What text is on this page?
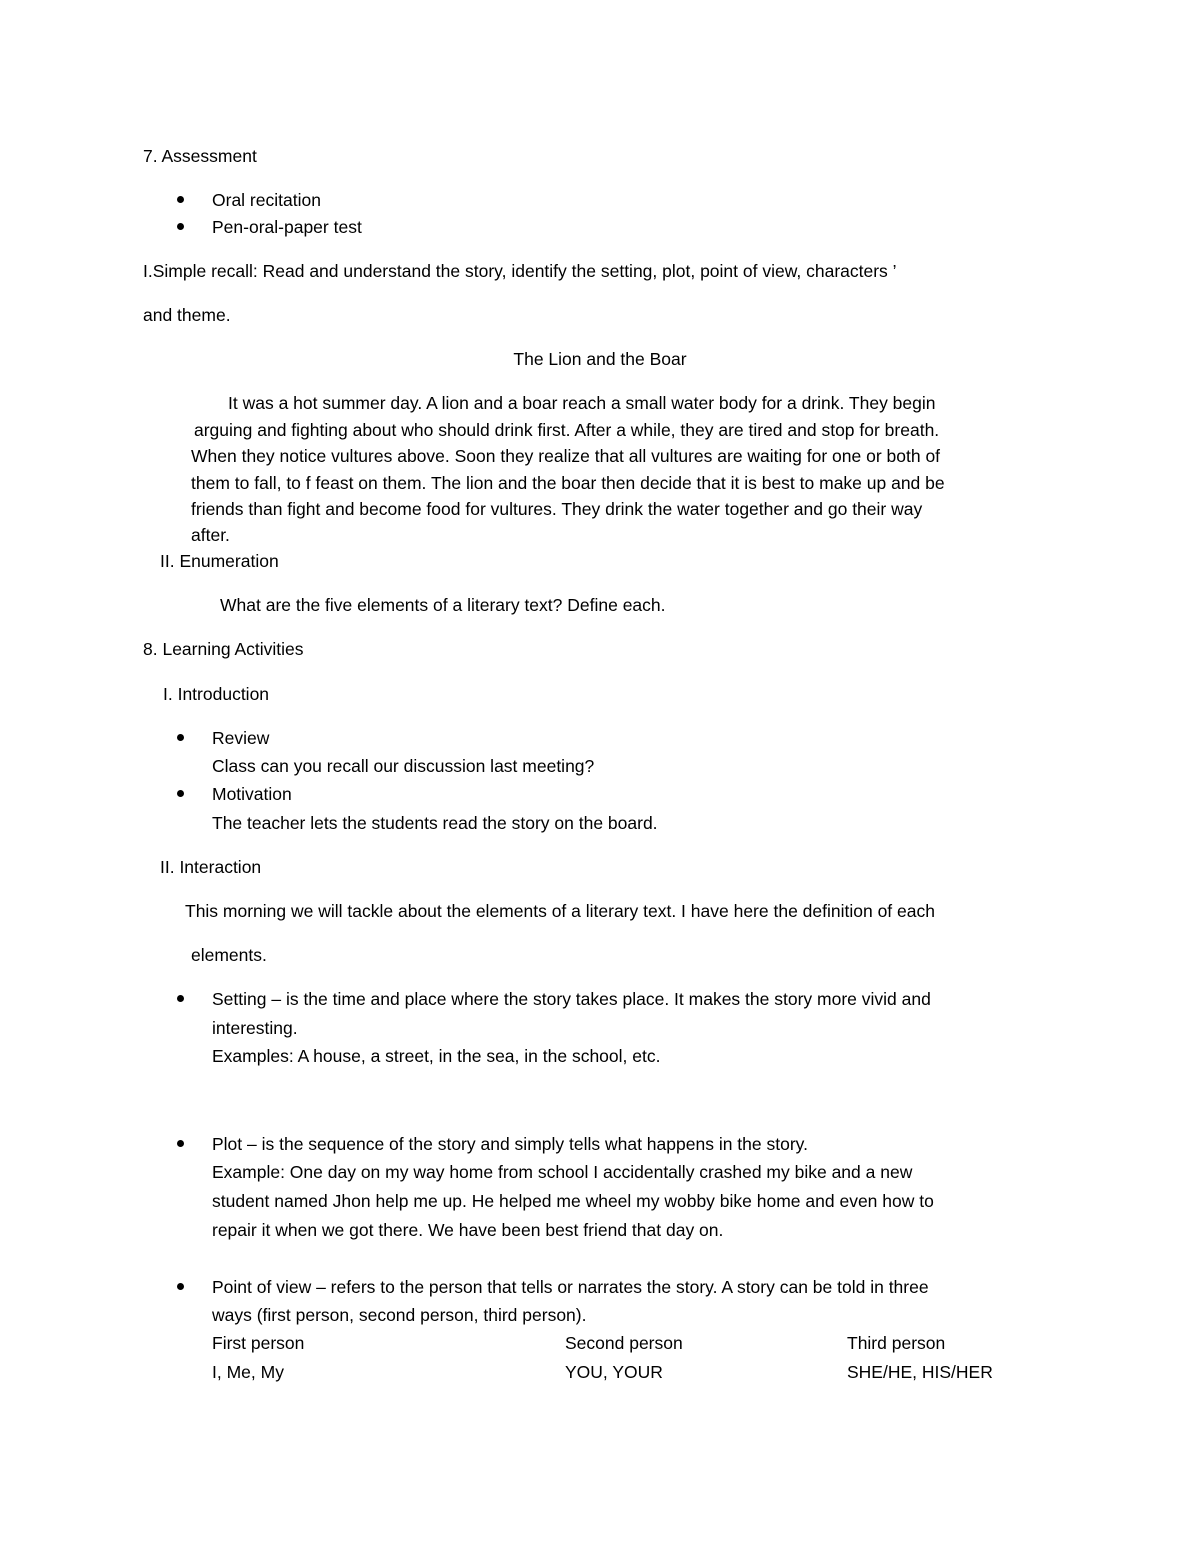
7. Assessment
Oral recitation
Pen-oral-paper test
I.Simple recall: Read and understand the story, identify the setting, plot, point of view, characters ’
and theme.
The Lion and the Boar
It was a hot summer day. A lion and a boar reach a small water body for a drink. They begin
arguing and fighting about who should drink first. After a while, they are tired and stop for breath.
When they notice vultures above. Soon they realize that all vultures are waiting for one or both of
them to fall, to f feast on them. The lion and the boar then decide that it is best to make up and be
friends than fight and become food for vultures. They drink the water together and go their way
after.
II. Enumeration
What are the five elements of a literary text? Define each.
8. Learning Activities
I. Introduction
Review
Class can you recall our discussion last meeting?
Motivation
The teacher lets the students read the story on the board.
II. Interaction
This morning we will tackle about the elements of a literary text. I have here the definition of each
elements.
Setting – is the time and place where the story takes place. It makes the story more vivid and
interesting.
Examples: A house, a street, in the sea, in the school, etc.
Plot – is the sequence of the story and simply tells what happens in the story.
Example: One day on my way home from school I accidentally crashed my bike and a new
student named Jhon help me up. He helped me wheel my wobby bike home and even how to
repair it when we got there. We have been best friend that day on.
Point of view – refers to the person that tells or narrates the story. A story can be told in three
ways (first person, second person, third person).
First person	Second person	Third person
I, Me, My	YOU, YOUR	SHE/HE, HIS/HER
